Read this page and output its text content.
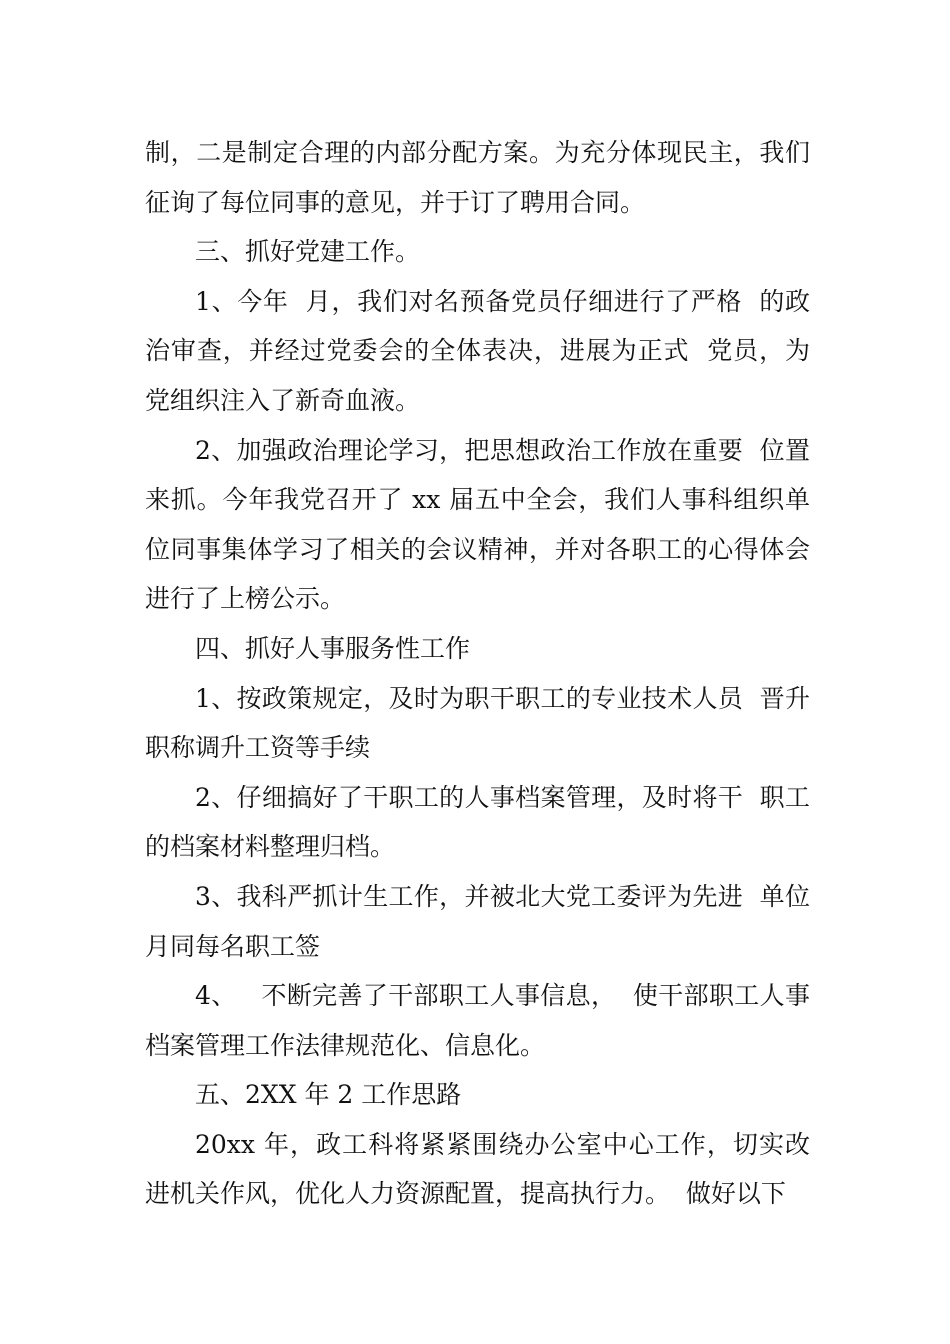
制，二是制定合理的内部分配方案。为充分体现民主，我们征询了每位同事的意见，并于订了聘用合同。

三、抓好党建工作。

1、今年  月，我们对名预备党员仔细进行了严格  的政治审查，并经过党委会的全体表决，进展为正式  党员，为党组织注入了新奇血液。

2、加强政治理论学习，把思想政治工作放在重要  位置来抓。今年我党召开了 xx 届五中全会，我们人事科组织单位同事集体学习了相关的会议精神，并对各职工的心得体会进行了上榜公示。

四、抓好人事服务性工作

1、按政策规定，及时为职干职工的专业技术人员  晋升职称调升工资等手续

2、仔细搞好了干职工的人事档案管理，及时将干  职工的档案材料整理归档。

3、我科严抓计生工作，并被北大党工委评为先进  单位  月同每名职工签

4、   不断完善了干部职工人事信息，  使干部职工人事档案管理工作法律规范化、信息化。

五、2XX 年 2 工作思路

20xx 年，政工科将紧紧围绕办公室中心工作，切实改进机关作风，优化人力资源配置，提高执行力。  做好以下
